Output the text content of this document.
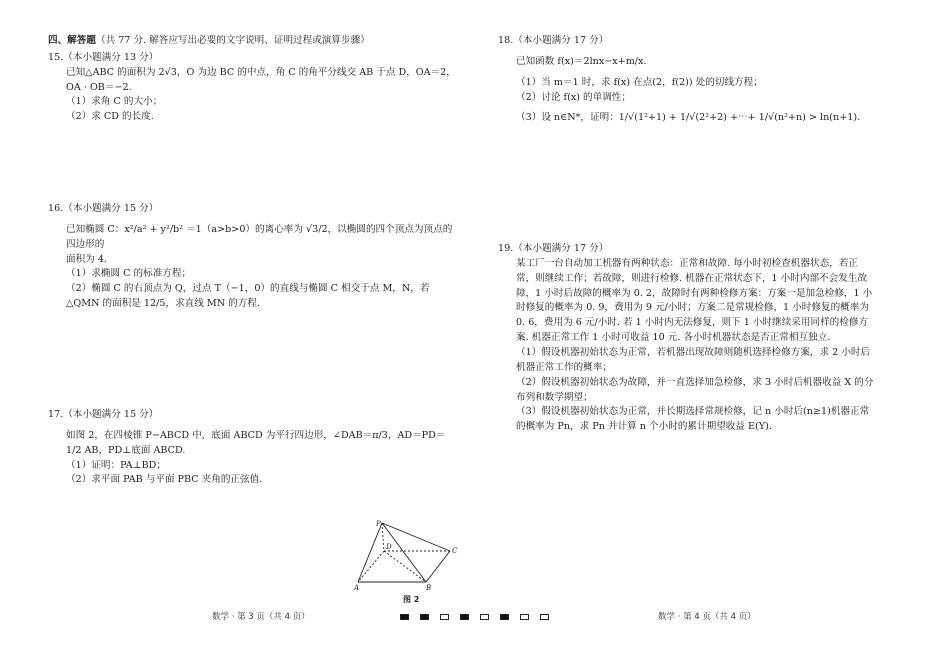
四、解答题（共 77 分. 解答应写出必要的文字说明、证明过程或演算步骤）

15.（本小题满分 13 分）

已知△ABC 的面积为 2√3，O 为边 BC 的中点，角 C 的角平分线交 AB 于点 D，OA＝2，

OA · OB＝−2.

（1）求角 C 的大小；

（2）求 CD 的长度.

16.（本小题满分 15 分）

已知椭圆 C：x²/a² + y²/b² ＝1（a>b>0）的离心率为 √3/2，以椭圆的四个顶点为顶点的四边形的

面积为 4.

（1）求椭圆 C 的标准方程；

（2）椭圆 C 的右顶点为 Q，过点 T（−1，0）的直线与椭圆 C 相交于点 M，N，若

△QMN 的面积是 12/5，求直线 MN 的方程.

17.（本小题满分 15 分）

如图 2，在四棱锥 P−ABCD 中，底面 ABCD 为平行四边形，∠DAB＝π/3，AD＝PD＝

1/2 AB，PD⊥底面 ABCD.

（1）证明：PA⊥BD；

（2）求平面 PAB 与平面 PBC 夹角的正弦值.

P
A	B
C
D
图 2

18.（本小题满分 17 分）

已知函数 f(x)＝2lnx−x+m/x.

（1）当 m＝1 时，求 f(x) 在点(2，f(2)) 处的切线方程；

（2）讨论 f(x) 的单调性；

（3）设 n∈N*，证明：1/√(1²+1) + 1/√(2²+2) +⋯+ 1/√(n²+n) > ln(n+1).

19.（本小题满分 17 分）

某工厂一台自动加工机器有两种状态：正常和故障. 每小时初检查机器状态，若正

常，则继续工作；若故障，则进行检修. 机器在正常状态下，1 小时内部不会发生故

障，1 小时后故障的概率为 0. 2，故障时有两种检修方案：方案一是加急检修，1 小

时修复的概率为 0. 9，费用为 9 元/小时；方案二是常规检修，1 小时修复的概率为

0. 6，费用为 6 元/小时. 若 1 小时内无法修复，则下 1 小时继续采用同样的检修方

案. 机器正常工作 1 小时可收益 10 元. 各小时机器状态是否正常相互独立.

（1）假设机器初始状态为正常，若机器出现故障则随机选择检修方案，求 2 小时后

机器正常工作的概率；

（2）假设机器初始状态为故障，并一直选择加急检修，求 3 小时后机器收益 X 的分

布列和数学期望；

（3）假设机器初始状态为正常，并长期选择常规检修，记 n 小时后(n≥1)机器正常

的概率为 Pn，求 Pn 并计算 n 个小时的累计期望收益 E(Y).

数学 · 第 3 页（共 4 页）	数学 · 第 4 页（共 4 页）
